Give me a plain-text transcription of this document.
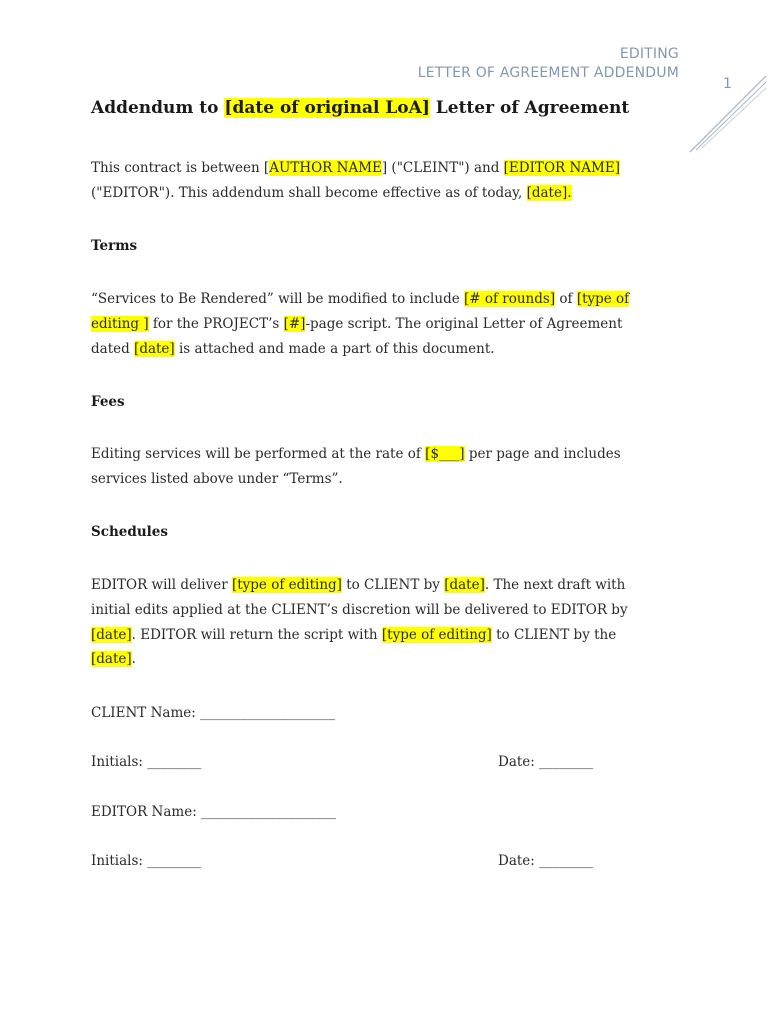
EDITING
LETTER OF AGREEMENT ADDENDUM
1
Addendum to [date of original LoA] Letter of Agreement
This contract is between [AUTHOR NAME] ("CLEINT") and [EDITOR NAME] ("EDITOR"). This addendum shall become effective as of today, [date].
Terms
“Services to Be Rendered” will be modified to include [# of rounds] of [type of editing ] for the PROJECT’s [#]-page script. The original Letter of Agreement dated [date] is attached and made a part of this document.
Fees
Editing services will be performed at the rate of [$___] per page and includes services listed above under “Terms”.
Schedules
EDITOR will deliver [type of editing] to CLIENT by [date]. The next draft with initial edits applied at the CLIENT’s discretion will be delivered to EDITOR by [date]. EDITOR will return the script with [type of editing] to CLIENT by the [date].
CLIENT Name: ____________________
Initials: ________	Date: ________
EDITOR Name: ____________________
Initials: ________	Date: ________
